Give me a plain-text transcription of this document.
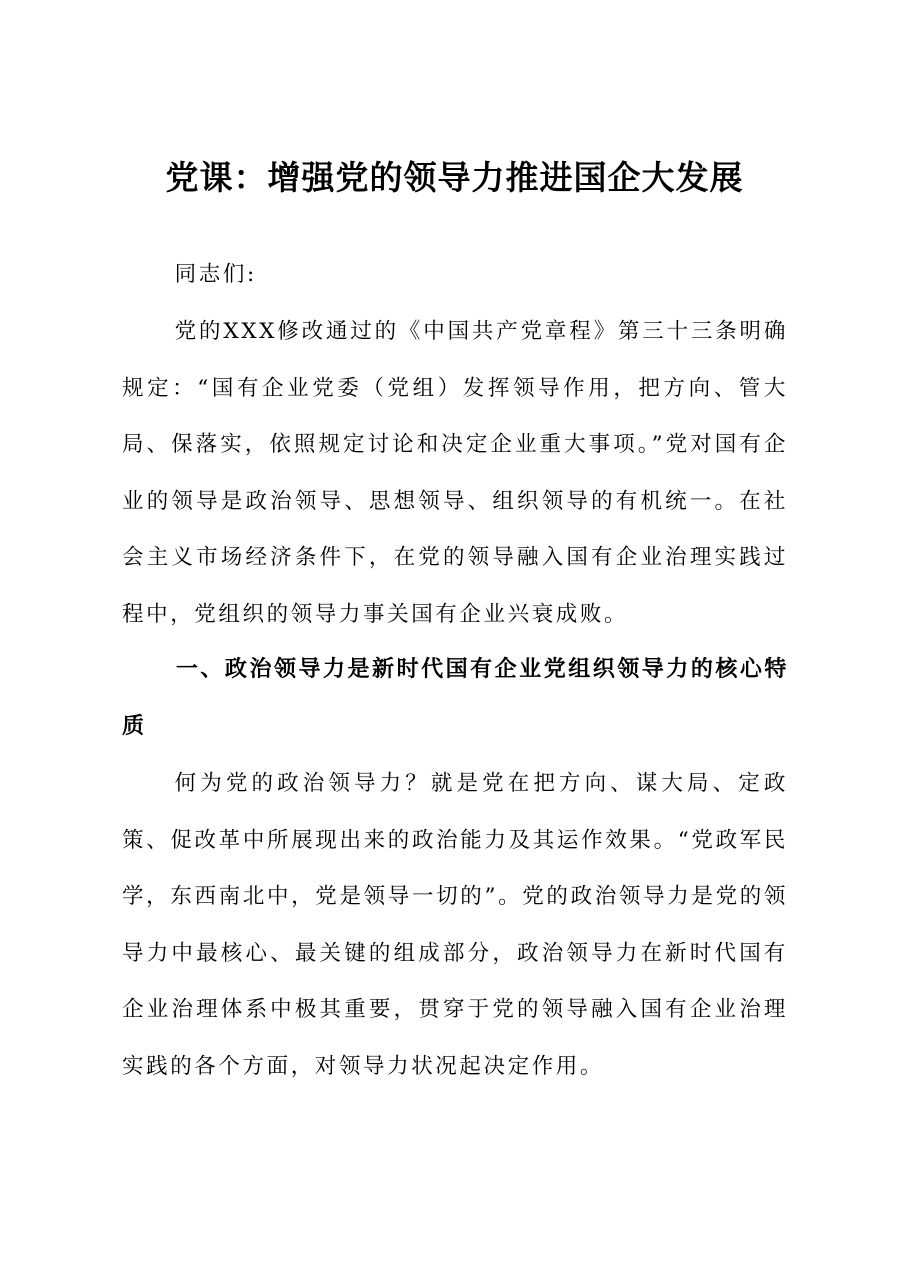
党课：增强党的领导力推进国企大发展

同志们:

党的XXX修改通过的《中国共产党章程》第三十三条明确规定：“国有企业党委（党组）发挥领导作用，把方向、管大局、保落实，依照规定讨论和决定企业重大事项。”党对国有企业的领导是政治领导、思想领导、组织领导的有机统一。在社会主义市场经济条件下，在党的领导融入国有企业治理实践过程中，党组织的领导力事关国有企业兴衰成败。

一、政治领导力是新时代国有企业党组织领导力的核心特质

何为党的政治领导力？就是党在把方向、谋大局、定政策、促改革中所展现出来的政治能力及其运作效果。“党政军民学，东西南北中，党是领导一切的”。党的政治领导力是党的领导力中最核心、最关键的组成部分，政治领导力在新时代国有企业治理体系中极其重要，贯穿于党的领导融入国有企业治理实践的各个方面，对领导力状况起决定作用。
